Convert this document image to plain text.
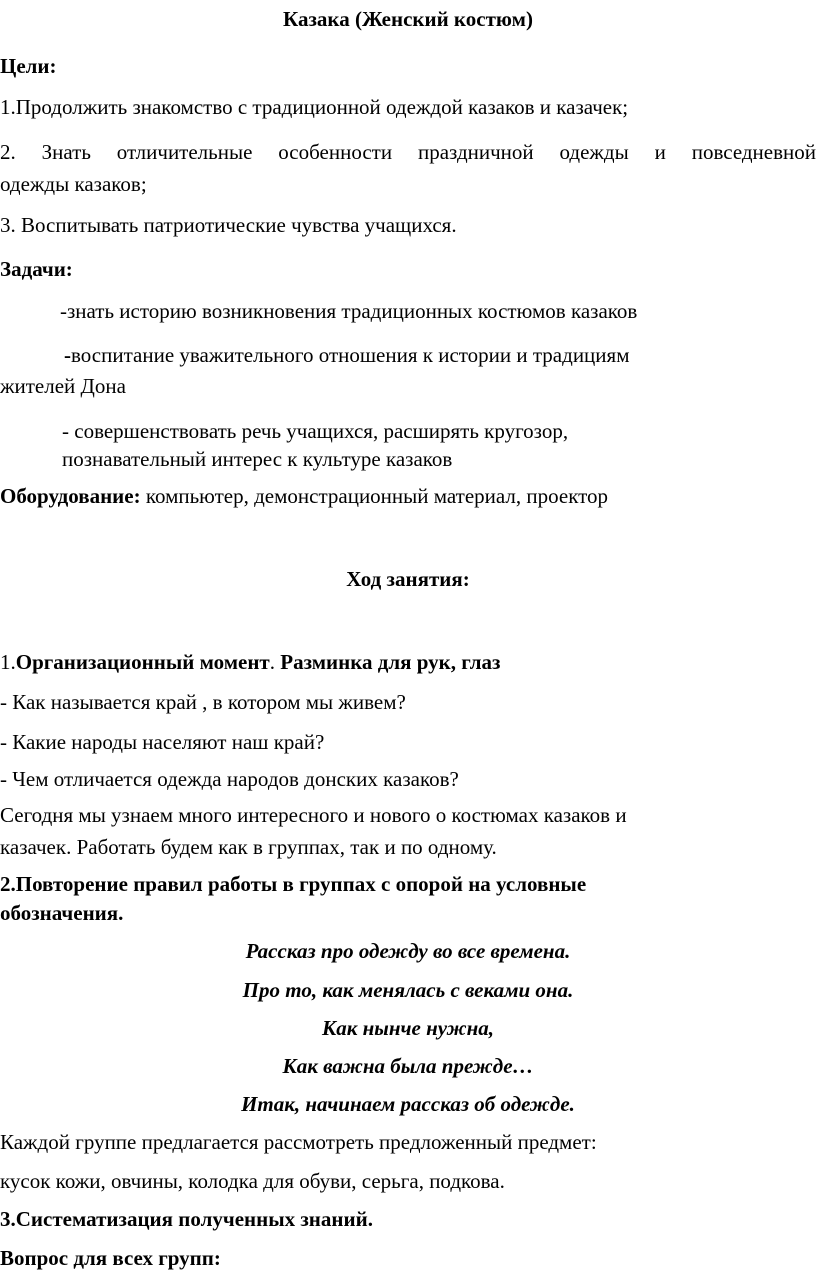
Казака (Женский костюм)

Цели:

1.Продолжить знакомство с традиционной одеждой казаков и казачек;

2. Знать отличительные особенности праздничной одежды и повседневной

одежды казаков;

3. Воспитывать патриотические чувства учащихся.

Задачи:

-знать историю возникновения традиционных костюмов казаков

-воспитание уважительного отношения к истории и традициям

жителей Дона

- совершенствовать речь учащихся, расширять кругозор,

познавательный интерес к культуре казаков

Оборудование: компьютер, демонстрационный материал, проектор

Ход занятия:

1.Организационный момент. Разминка для рук, глаз

- Как называется край , в котором мы живем?

- Какие народы населяют наш край?

- Чем отличается одежда народов донских казаков?

Сегодня мы узнаем много интересного и нового о костюмах казаков и

казачек. Работать будем как в группах, так и по одному.

2.Повторение правил работы в группах с опорой на условные

обозначения.

Рассказ про одежду во все времена.

Про то, как менялась с веками она.

Как нынче нужна,

Как важна была прежде…

Итак, начинаем рассказ об одежде.

Каждой группе предлагается рассмотреть предложенный предмет:

кусок кожи, овчины, колодка для обуви, серьга, подкова.

3.Систематизация полученных знаний.

Вопрос для всех групп:
